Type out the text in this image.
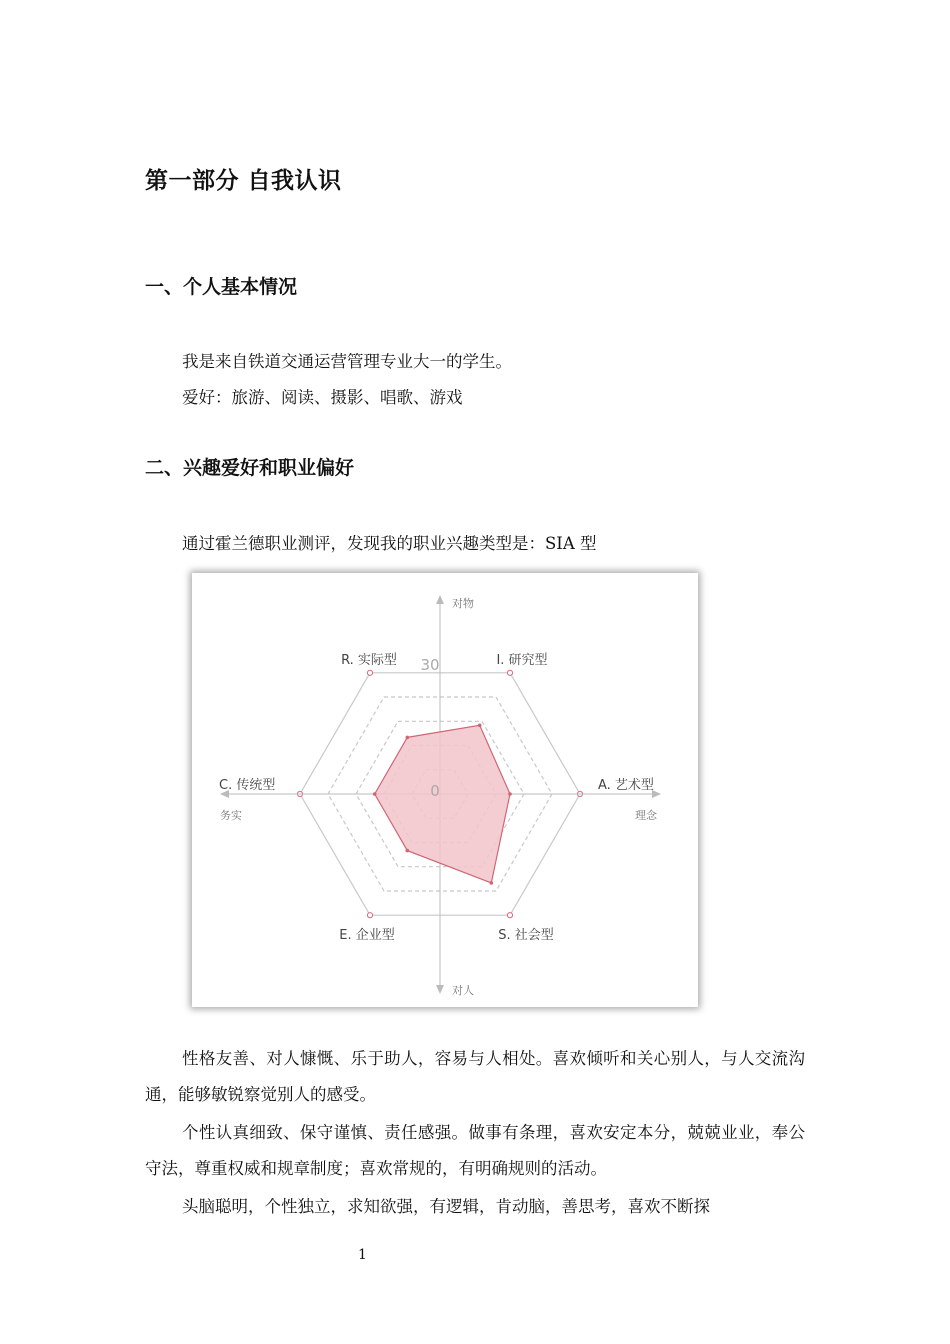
第一部分 自我认识
一、个人基本情况
我是来自铁道交通运营管理专业大一的学生。
爱好：旅游、阅读、摄影、唱歌、游戏
二、兴趣爱好和职业偏好
通过霍兰德职业测评，发现我的职业兴趣类型是：SIA 型
对物
对人
务实	理念
30
0
R. 实际型	I. 研究型
A. 艺术型
S. 社会型
E. 企业型
C. 传统型
性格友善、对人慷慨、乐于助人，容易与人相处。喜欢倾听和关心别人，与人交流沟通，能够敏锐察觉别人的感受。
个性认真细致、保守谨慎、责任感强。做事有条理，喜欢安定本分，兢兢业业，奉公守法，尊重权威和规章制度；喜欢常规的，有明确规则的活动。
头脑聪明，个性独立，求知欲强，有逻辑，肯动脑，善思考，喜欢不断探
1
